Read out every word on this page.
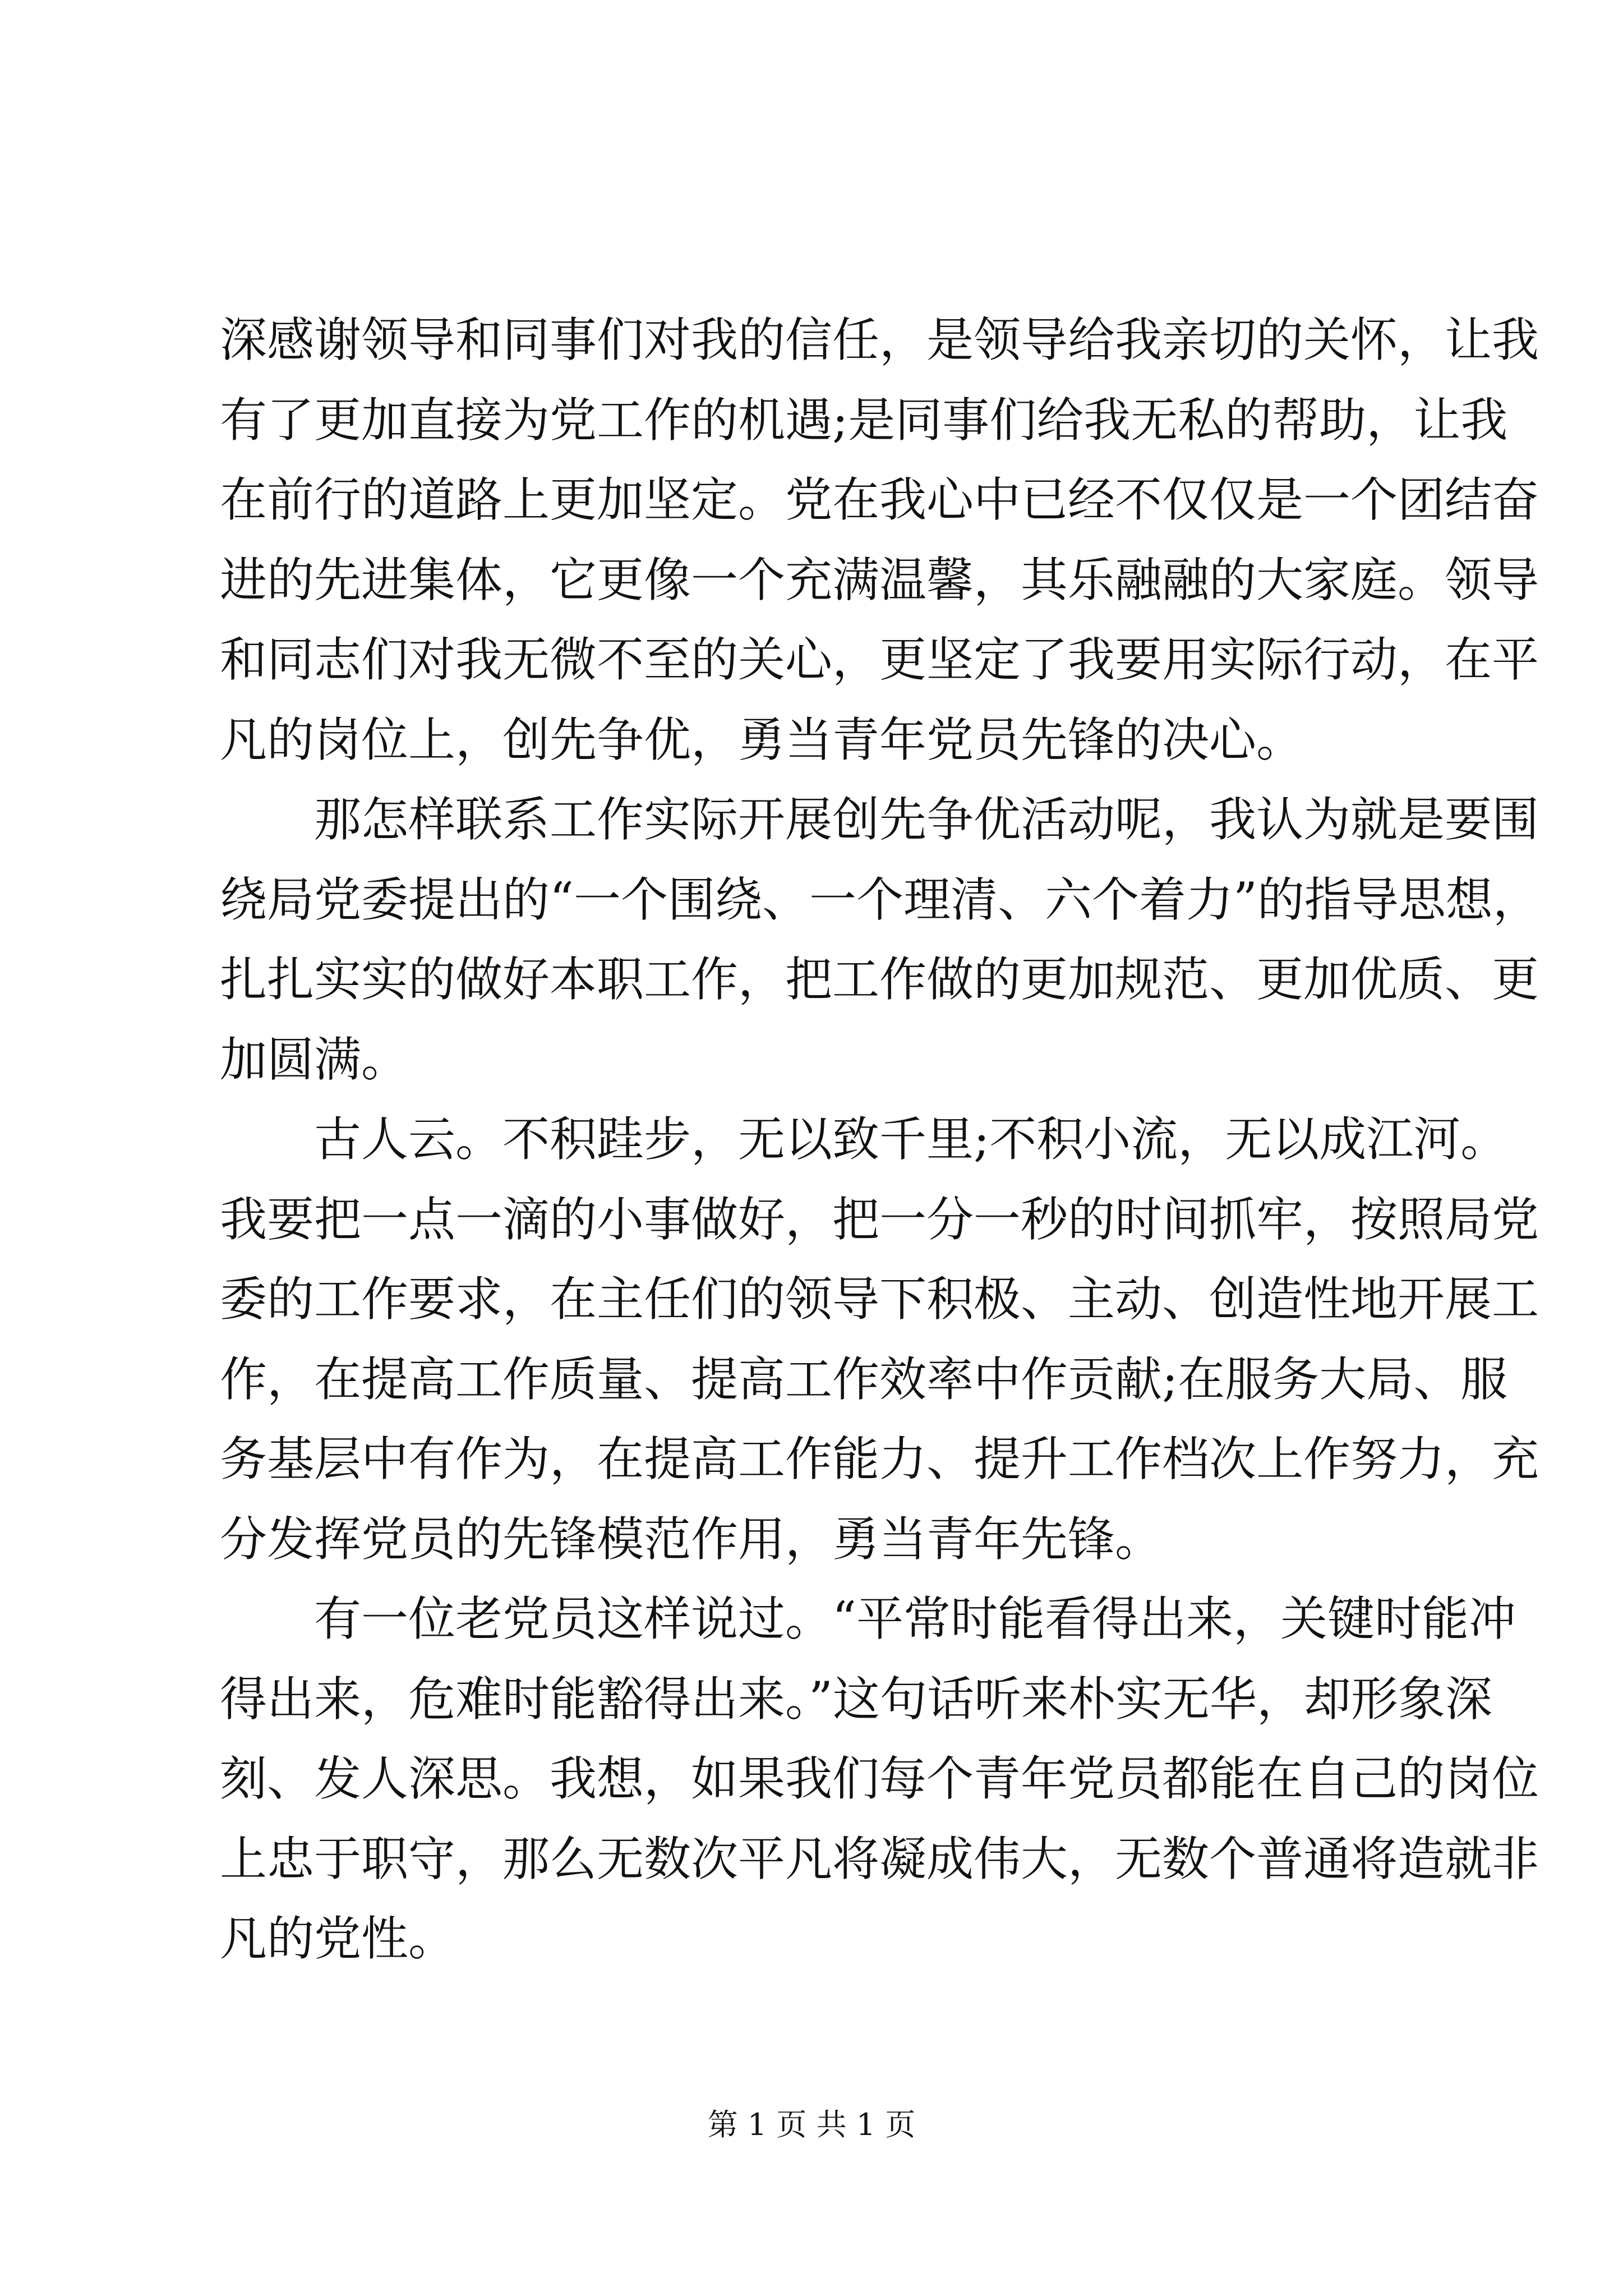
深感谢领导和同事们对我的信任，是领导给我亲切的关怀，让我
有了更加直接为党工作的机遇;是同事们给我无私的帮助，让我
在前行的道路上更加坚定。党在我心中已经不仅仅是一个团结奋
进的先进集体，它更像一个充满温馨，其乐融融的大家庭。领导
和同志们对我无微不至的关心，更坚定了我要用实际行动，在平
凡的岗位上，创先争优，勇当青年党员先锋的决心。
那怎样联系工作实际开展创先争优活动呢，我认为就是要围
绕局党委提出的“一个围绕、一个理清、六个着力”的指导思想，
扎扎实实的做好本职工作，把工作做的更加规范、更加优质、更
加圆满。
古人云。不积跬步，无以致千里;不积小流，无以成江河。
我要把一点一滴的小事做好，把一分一秒的时间抓牢，按照局党
委的工作要求，在主任们的领导下积极、主动、创造性地开展工
作，在提高工作质量、提高工作效率中作贡献;在服务大局、服
务基层中有作为，在提高工作能力、提升工作档次上作努力，充
分发挥党员的先锋模范作用，勇当青年先锋。
有一位老党员这样说过。“平常时能看得出来，关键时能冲
得出来，危难时能豁得出来。”这句话听来朴实无华，却形象深
刻、发人深思。我想，如果我们每个青年党员都能在自己的岗位
上忠于职守，那么无数次平凡将凝成伟大，无数个普通将造就非
凡的党性。
第 1 页 共 1 页
